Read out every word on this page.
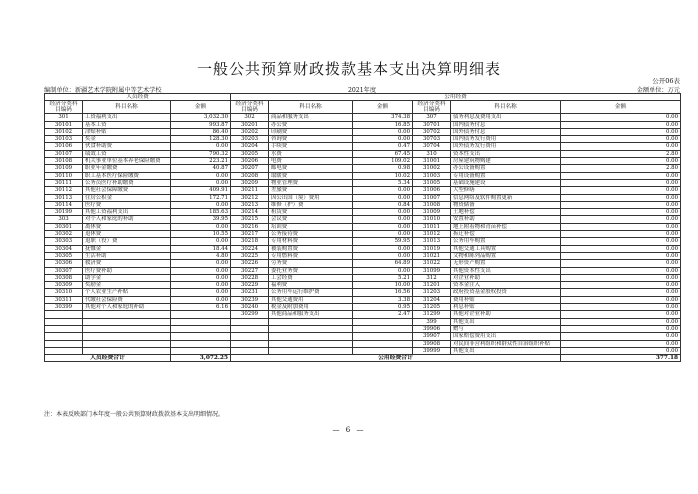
一般公共预算财政拨款基本支出决算明细表
公开06表
编制单位：新疆艺术学院附属中等艺术学校	2021年度	金额单位：万元
人员经费			公用经费					
经济分类科目编码	科目名称	金额	经济分类科目编码	科目名称	金额	经济分类科目编码	科目名称	金额
301	工资福利支出	3,032.30	302	商品和服务支出	374.38	307	债务利息及费用支出	0.00
30101	基本工资	993.87	30201	办公费	16.85	30701	国内债务付息	0.00
30102	津贴补贴	86.40	30202	印刷费	0.00	30702	国外债务付息	0.00
30103	奖金	128.30	30203	咨询费	0.00	30703	国内债务发行费用	0.00
30106	伙食补助费	0.00	30204	手续费	0.47	30704	国外债务发行费用	0.00
30107	绩效工资	790.32	30205	水费	67.45	310	资本性支出	2.80
30108	机关事业单位基本养老保险缴费	223.21	30206	电费	109.02	31001	房屋建筑物购建	0.00
30109	职业年金缴费	40.87	30207	邮电费	0.98	31002	办公设备购置	2.80
30110	职工基本医疗保险缴费	0.00	30208	取暖费	10.02	31003	专用设备购置	0.00
30111	公务员医疗补助缴费	0.00	30209	物业管理费	5.34	31005	基础设施建设	0.00
30112	其他社会保障缴费	409.91	30211	差旅费	0.00	31006	大型修缮	0.00
30113	住房公积金	172.71	30212	因公出国（境）费用	0.00	31007	信息网络及软件购置更新	0.00
30114	医疗费	0.00	30213	维修（护）费	0.84	31008	物资储备	0.00
30199	其他工资福利支出	185.63	30214	租赁费	0.00	31009	土地补偿	0.00
303	对个人和家庭的补助	39.95	30215	会议费	0.00	31010	安置补助	0.00
30301	离休费	0.00	30216	培训费	0.00	31011	地上附着物和青苗补偿	0.00
30302	退休费	10.55	30217	公务接待费	0.00	31012	拆迁补偿	0.00
30303	退职（役）费	0.00	30218	专用材料费	59.95	31013	公务用车购置	0.00
30304	抚恤金	18.44	30224	被装购置费	0.00	31019	其他交通工具购置	0.00
30305	生活补助	4.80	30225	专用燃料费	0.00	31021	文物和陈列品购置	0.00
30306	救济费	0.00	30226	劳务费	64.89	31022	无形资产购置	0.00
30307	医疗费补助	0.00	30227	委托业务费	0.00	31099	其他资本性支出	0.00
30308	助学金	0.00	30228	工会经费	5.21	312	对企业补助	0.00
30309	奖励金	0.00	30229	福利费	10.00	31201	资本金注入	0.00
30310	个人农业生产补贴	0.00	30231	公务用车运行维护费	16.56	31203	政府投资基金股权投资	0.00
30311	代缴社会保险费	0.00	30239	其他交通费用	3.38	31204	费用补贴	0.00
30399	其他对个人和家庭的补助	6.16	30240	税金及附加费用	0.95	31205	利息补贴	0.00
			30299	其他商品和服务支出	2.47	31299	其他对企业补助	0.00
						399	其他支出	0.00
						39906	赠与	0.00
						39907	国家赔偿费用支出	0.00
						39908	对民间非营利组织和群众性自治组织补贴	0.00
						39999	其他支出	0.00
人员经费合计		3,072.25	公用经费合计					377.18
注：本表反映部门本年度一般公共预算财政拨款基本支出明细情况。
— 6 —
